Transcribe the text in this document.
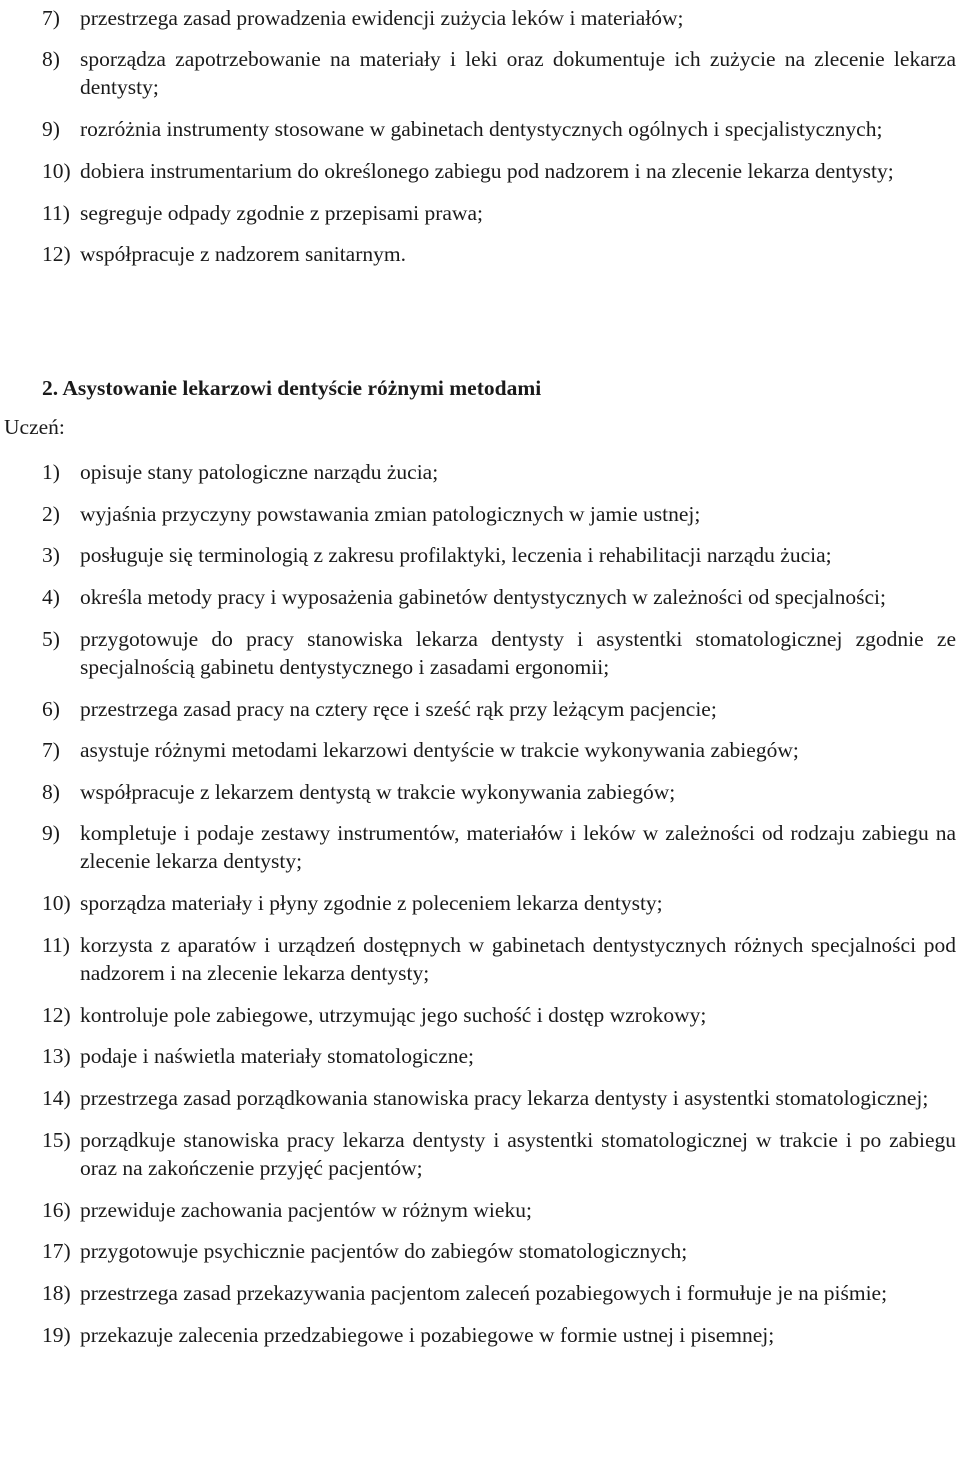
7) przestrzega zasad prowadzenia ewidencji zużycia leków i materiałów;
8) sporządza zapotrzebowanie na materiały i leki oraz dokumentuje ich zużycie na zlecenie lekarza dentysty;
9) rozróżnia instrumenty stosowane w gabinetach dentystycznych ogólnych i specjalistycznych;
10) dobiera instrumentarium do określonego zabiegu pod nadzorem i na zlecenie lekarza dentysty;
11) segreguje odpady zgodnie z przepisami prawa;
12) współpracuje z nadzorem sanitarnym.
2. Asystowanie lekarzowi dentyście różnymi metodami

Uczeń:

1) opisuje stany patologiczne narządu żucia;
2) wyjaśnia przyczyny powstawania zmian patologicznych w jamie ustnej;
3) posługuje się terminologią z zakresu profilaktyki, leczenia i rehabilitacji narządu żucia;
4) określa metody pracy i wyposażenia gabinetów dentystycznych w zależności od specjalności;
5) przygotowuje do pracy stanowiska lekarza dentysty i asystentki stomatologicznej zgodnie ze specjalnością gabinetu dentystycznego i zasadami ergonomii;
6) przestrzega zasad pracy na cztery ręce i sześć rąk przy leżącym pacjencie;
7) asystuje różnymi metodami lekarzowi dentyście w trakcie wykonywania zabiegów;
8) współpracuje z lekarzem dentystą w trakcie wykonywania zabiegów;
9) kompletuje i podaje zestawy instrumentów, materiałów i leków w zależności od rodzaju zabiegu na zlecenie lekarza dentysty;
10) sporządza materiały i płyny zgodnie z poleceniem lekarza dentysty;
11) korzysta z aparatów i urządzeń dostępnych w gabinetach dentystycznych różnych specjalności pod nadzorem i na zlecenie lekarza dentysty;
12) kontroluje pole zabiegowe, utrzymując jego suchość i dostęp wzrokowy;
13) podaje i naświetla materiały stomatologiczne;
14) przestrzega zasad porządkowania stanowiska pracy lekarza dentysty i asystentki stomatologicznej;
15) porządkuje stanowiska pracy lekarza dentysty i asystentki stomatologicznej w trakcie i po zabiegu oraz na zakończenie przyjęć pacjentów;
16) przewiduje zachowania pacjentów w różnym wieku;
17) przygotowuje psychicznie pacjentów do zabiegów stomatologicznych;
18) przestrzega zasad przekazywania pacjentom zaleceń pozabiegowych i formułuje je na piśmie;
19) przekazuje zalecenia przedzabiegowe i pozabiegowe w formie ustnej i pisemnej;
